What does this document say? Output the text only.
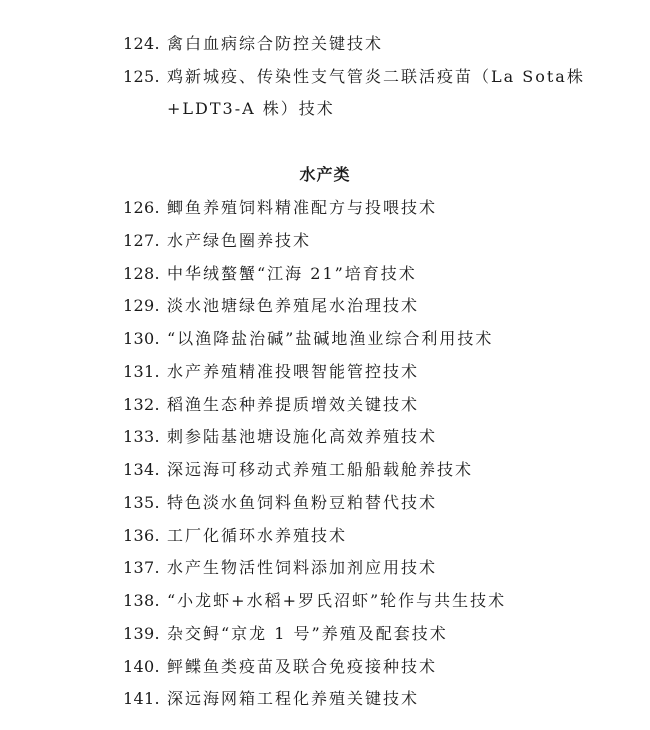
124. 禽白血病综合防控关键技术
125. 鸡新城疫、传染性支气管炎二联活疫苗（La Sota株
+LDT3-A 株）技术
水产类
126. 鲫鱼养殖饲料精准配方与投喂技术
127. 水产绿色圈养技术
128. 中华绒螯蟹“江海 21”培育技术
129. 淡水池塘绿色养殖尾水治理技术
130. “以渔降盐治碱”盐碱地渔业综合利用技术
131. 水产养殖精准投喂智能管控技术
132. 稻渔生态种养提质增效关键技术
133. 刺参陆基池塘设施化高效养殖技术
134. 深远海可移动式养殖工船船载舱养技术
135. 特色淡水鱼饲料鱼粉豆粕替代技术
136. 工厂化循环水养殖技术
137. 水产生物活性饲料添加剂应用技术
138. “小龙虾+水稻+罗氏沼虾”轮作与共生技术
139. 杂交鲟“京龙 1 号”养殖及配套技术
140. 鲆鲽鱼类疫苗及联合免疫接种技术
141. 深远海网箱工程化养殖关键技术
